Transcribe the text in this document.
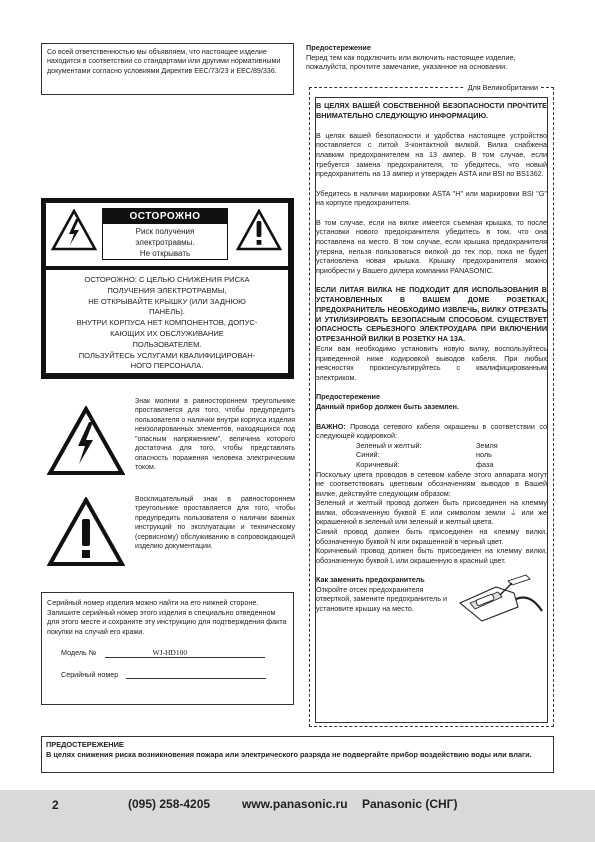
Со всей ответственностью мы объявляем, что настоящее изделие находится в соответствии со стандартами или другими нормативными документами согласно условиями Директив ЕЕС/73/23 и ЕЕС/89/336.
ОСТОРОЖНО
Риск получения
электротравмы.
Не открывать
ОСТОРОЖНО: С ЦЕЛЬЮ СНИЖЕНИЯ РИСКА
ПОЛУЧЕНИЯ ЭЛЕКТРОТРАВМЫ,
НЕ ОТКРЫВАЙТЕ КРЫШКУ (ИЛИ ЗАДНЮЮ
ПАНЕЛЬ).
ВНУТРИ КОРПУСА НЕТ КОМПОНЕНТОВ, ДОПУС-
КАЮЩИХ ИХ ОБСЛУЖИВАНИЕ
ПОЛЬЗОВАТЕЛЕМ.
ПОЛЬЗУЙТЕСЬ УСЛУГАМИ КВАЛИФИЦИРОВАН-
НОГО ПЕРСОНАЛА.
Знак молнии в равностороннем треугольнике проставляется для того, чтобы предупредить пользователя о наличии внутри корпуса изделия неизолированных элементов, находящихся под "опасным напряжением", величина которого достаточна для того, чтобы представлять опасность поражения человека электрическим током.
Восклицательный знак в равностороннем треугольнике проставляется для того, чтобы предупредить пользователя о наличии важных инструкций по эксплуатации и техническому (сервисному) обслуживанию в сопровождающей изделию документации.
Серийный номер изделия можно найти на его нижней стороне.
Запишите серийный номер этого изделия в специально отведенном для этого месте и сохраните эту инструкцию для подтверждения факта покупки на случай его кражи.
Модель №	WJ-HD100
Серийный номер
Предостережение
Перед тем как подключить или включить настоящее изделие, пожалуйста, прочтите замечание, указанное на основании.
Для Великобритании
В ЦЕЛЯХ ВАШЕЙ СОБСТВЕННОЙ БЕЗОПАСНОСТИ ПРОЧТИТЕ ВНИМАТЕЛЬНО СЛЕДУЮЩУЮ ИНФОРМАЦИЮ.
В целях вашей безопасности и удобства настоящее устройство поставляется с литой 3-контактной вилкой. Вилка снабжена плавким предохранителем на 13 ампер. В том случае, если требуется замена предохранителя, то убедитесь, что новый предохранитель на 13 ампер и утвержден ASTA или BSI по BS1362.
Убедитесь в наличии маркировки ASTA "Н" или маркировки BSI "G" на корпусе предохранителя.
В том случае, если на вилке имеется съемная крышка, то после установки нового предохранителя убедитесь в том, что она поставлена на место. В том случае, если крышка предохранителя утеряна, нельзя пользоваться вилкой до тех пор, пока не будет установлена новая крышка. Крышку предохранителя можно приобрести у Вашего дилера компании PANASONIC.
ЕСЛИ ЛИТАЯ ВИЛКА НЕ ПОДХОДИТ ДЛЯ ИСПОЛЬЗОВАНИЯ В УСТАНОВЛЕННЫХ В ВАШЕМ ДОМЕ РОЗЕТКАХ, ПРЕДОХРАНИТЕЛЬ НЕОБХОДИМО ИЗВЛЕЧЬ, ВИЛКУ ОТРЕЗАТЬ И УТИЛИЗИРОВАТЬ БЕЗОПАСНЫМ СПОСОБОМ. СУЩЕСТВУЕТ ОПАСНОСТЬ СЕРЬЕЗНОГО ЭЛЕКТРОУДАРА ПРИ ВКЛЮЧЕНИИ ОТРЕЗАННОЙ ВИЛКИ В РОЗЕТКУ НА 13А.
Если вам необходимо установить новую вилку, воспользуйтесь приведенной ниже кодировкой выводов кабеля. При любых неясностях проконсультируйтесь с квалифицированным электриком.
Предостережение
Данный прибор должен быть заземлен.
ВАЖНО: Провода сетевого кабеля окрашены в соответствии со следующей кодировкой:
Зеленый и желтый:	Земля
Синий:	ноль
Коричневый:	фаза
Поскольку цвета проводов в сетевом кабеле этого аппарата могут не соответствовать цветовым обозначениям выводов в Вашей вилке, действуйте следующим образом:
Зеленый и желтый провод должен быть присоединен на клемму вилки, обозначенную буквой Е или символом земли ⏚ или же окрашенной в зеленый или зеленый и желтый цвета.
Синий провод должен быть присоединен на клемму вилки, обозначенную буквой N или окрашенной в черный цвет.
Коричневый провод должен быть присоединен на клемму вилки, обозначенную буквой L или окрашенную в красный цвет.
Как заменить предохранитель
Откройте отсек предохранителя отверткой, замените предохранитель и установите крышку на место.
ПРЕДОСТЕРЕЖЕНИЕ
В целях снижения риска возникновения пожара или электрического разряда не подвергайте прибор воздействию воды или влаги.
2	(095) 258-4205	www.panasonic.ru Panasonic (СНГ)
